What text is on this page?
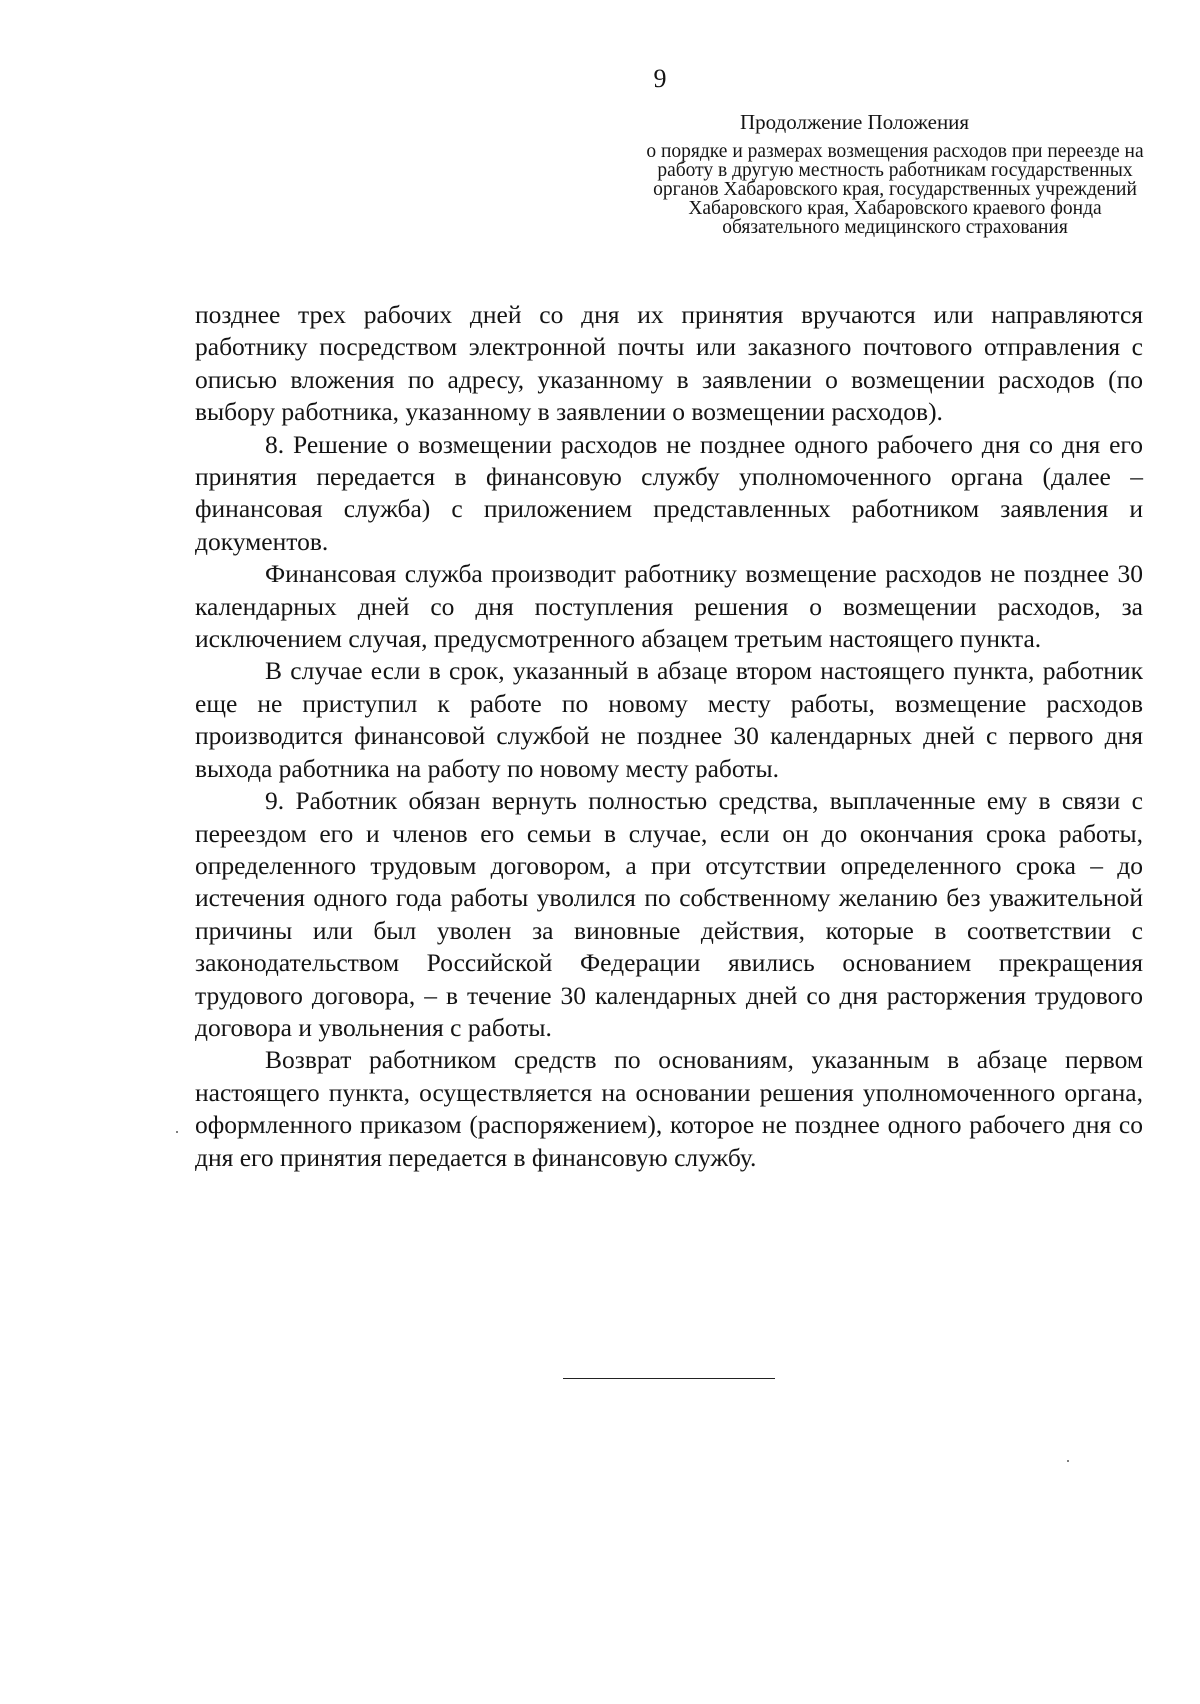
9
Продолжение Положения
о порядке и размерах возмещения расходов при переезде на работу в другую местность работникам государственных органов Хабаровского края, государственных учреждений Хабаровского края, Хабаровского краевого фонда обязательного медицинского страхования

позднее трех рабочих дней со дня их принятия вручаются или направляются работнику посредством электронной почты или заказного почтового отправления с описью вложения по адресу, указанному в заявлении о возмещении расходов (по выбору работника, указанному в заявлении о возмещении расходов).

8. Решение о возмещении расходов не позднее одного рабочего дня со дня его принятия передается в финансовую службу уполномоченного органа (далее – финансовая служба) с приложением представленных работником заявления и документов.

Финансовая служба производит работнику возмещение расходов не позднее 30 календарных дней со дня поступления решения о возмещении расходов, за исключением случая, предусмотренного абзацем третьим настоящего пункта.

В случае если в срок, указанный в абзаце втором настоящего пункта, работник еще не приступил к работе по новому месту работы, возмещение расходов производится финансовой службой не позднее 30 календарных дней с первого дня выхода работника на работу по новому месту работы.

9. Работник обязан вернуть полностью средства, выплаченные ему в связи с переездом его и членов его семьи в случае, если он до окончания срока работы, определенного трудовым договором, а при отсутствии определенного срока – до истечения одного года работы уволился по собственному желанию без уважительной причины или был уволен за виновные действия, которые в соответствии с законодательством Российской Федерации явились основанием прекращения трудового договора, – в течение 30 календарных дней со дня расторжения трудового договора и увольнения с работы.

Возврат работником средств по основаниям, указанным в абзаце первом настоящего пункта, осуществляется на основании решения уполномоченного органа, оформленного приказом (распоряжением), которое не позднее одного рабочего дня со дня его принятия передается в финансовую службу.
